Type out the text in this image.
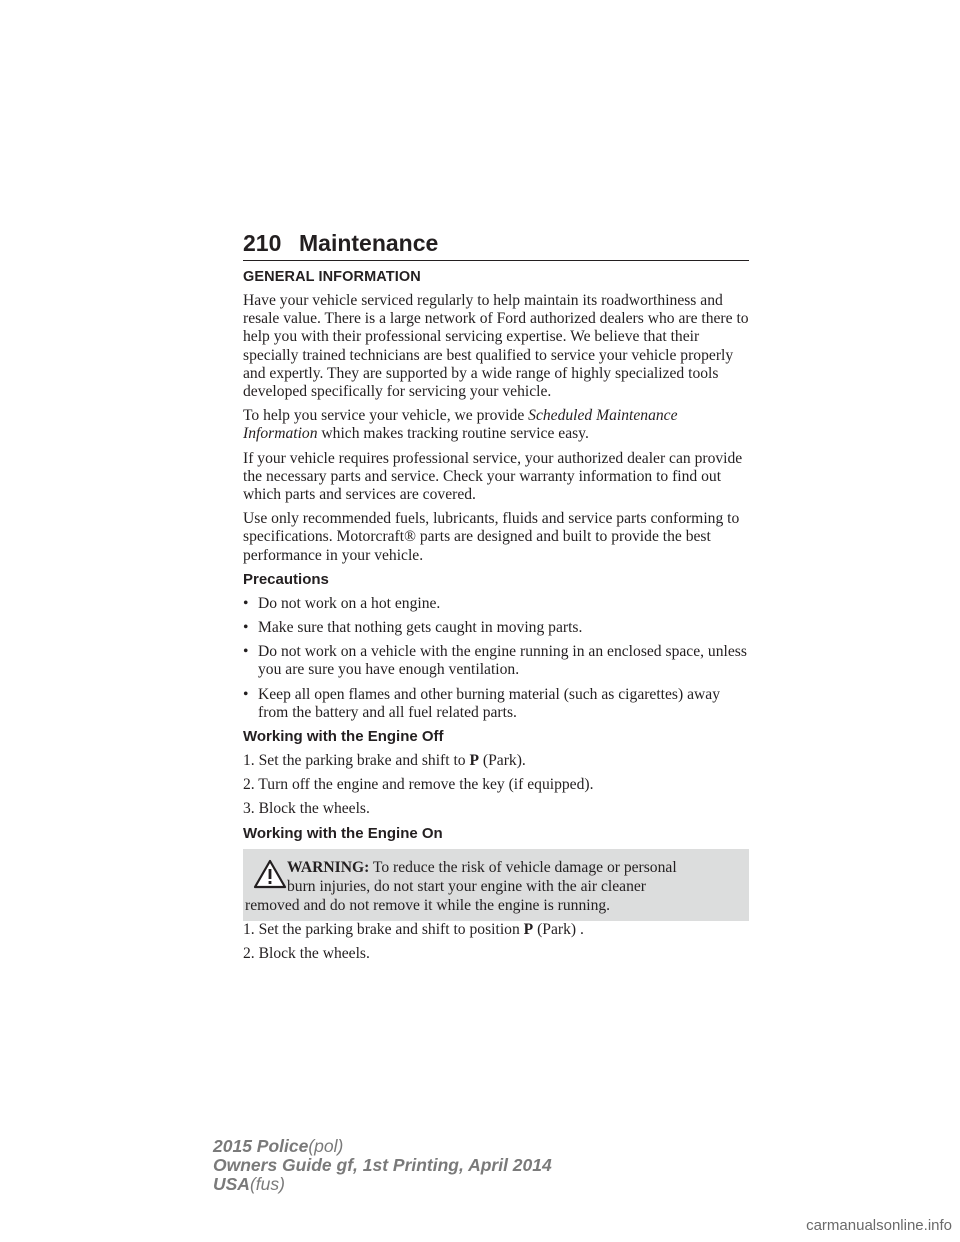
210 Maintenance

GENERAL INFORMATION

Have your vehicle serviced regularly to help maintain its roadworthiness and resale value. There is a large network of Ford authorized dealers who are there to help you with their professional servicing expertise. We believe that their specially trained technicians are best qualified to service your vehicle properly and expertly. They are supported by a wide range of highly specialized tools developed specifically for servicing your vehicle.

To help you service your vehicle, we provide Scheduled Maintenance Information which makes tracking routine service easy.

If your vehicle requires professional service, your authorized dealer can provide the necessary parts and service. Check your warranty information to find out which parts and services are covered.

Use only recommended fuels, lubricants, fluids and service parts conforming to specifications. Motorcraft® parts are designed and built to provide the best performance in your vehicle.

Precautions

• Do not work on a hot engine.
• Make sure that nothing gets caught in moving parts.
• Do not work on a vehicle with the engine running in an enclosed space, unless you are sure you have enough ventilation.
• Keep all open flames and other burning material (such as cigarettes) away from the battery and all fuel related parts.

Working with the Engine Off

1. Set the parking brake and shift to P (Park).

2. Turn off the engine and remove the key (if equipped).

3. Block the wheels.

Working with the Engine On

WARNING: To reduce the risk of vehicle damage or personal
burn injuries, do not start your engine with the air cleaner
removed and do not remove it while the engine is running.

1. Set the parking brake and shift to position P (Park) .

2. Block the wheels.

2015 Police(pol)
Owners Guide gf, 1st Printing, April 2014
USA(fus)
carmanualsonline.info
